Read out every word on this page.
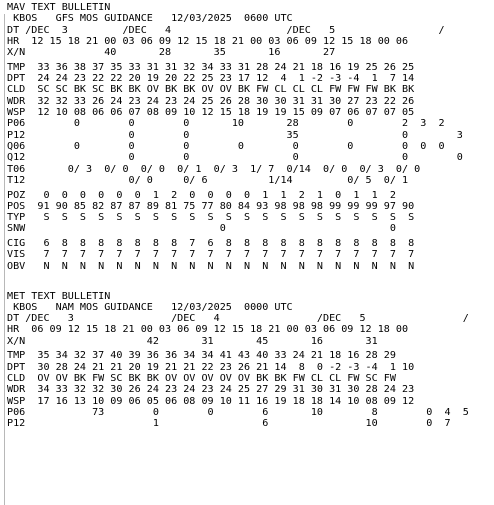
MAV TEXT BULLETIN
KBOS   GFS MOS GUIDANCE   12/03/2025  0600 UTC
DT /DEC  3         /DEC   4                   /DEC   5                 /
HR  12 15 18 21 00 03 06 09 12 15 18 21 00 03 06 09 12 15 18 00 06
X/N             40       28       35       16       27
TMP  33 36 38 37 35 33 31 31 32 34 33 31 28 24 21 18 16 19 25 26 25
DPT  24 24 23 22 22 20 19 20 22 25 23 17 12  4  1 -2 -3 -4  1  7 14
CLD  SC SC BK SC BK BK OV BK BK OV OV BK FW CL CL CL FW FW FW BK BK
WDR  32 32 33 26 24 23 24 23 24 25 26 28 30 30 31 31 30 27 23 22 26
WSP  12 10 08 06 06 07 08 09 10 12 15 18 19 19 15 09 07 06 07 07 05
P06        0        0        0       10       28        0        2  3  2
P12                 0        0                35                 0        3
Q06        0        0        0        0        0        0        0  0  0
Q12                 0        0                 0                 0        0
T06       0/ 3  0/ 0  0/ 0  0/ 1  0/ 3  1/ 7  0/14  0/ 0  0/ 3  0/ 0
T12                 0/ 0     0/ 6          1/14         0/ 5  0/ 1
POZ   0  0  0  0  0  0  1  2  0  0  0  0  1  1  2  1  0  1  1  2
POS  91 90 85 82 87 87 89 81 75 77 80 84 93 98 98 98 99 99 99 97 90
TYP   S  S  S  S  S  S  S  S  S  S  S  S  S  S  S  S  S  S  S  S  S
SNW                                0                           0
CIG   6  8  8  8  8  8  8  8  7  6  8  8  8  8  8  8  8  8  8  8  8
VIS   7  7  7  7  7  7  7  7  7  7  7  7  7  7  7  7  7  7  7  7  7
OBV   N  N  N  N  N  N  N  N  N  N  N  N  N  N  N  N  N  N  N  N  N
MET TEXT BULLETIN
KBOS   NAM MOS GUIDANCE   12/03/2025  0000 UTC
DT /DEC   3                /DEC   4                /DEC   5                /
HR  06 09 12 15 18 21 00 03 06 09 12 15 18 21 00 03 06 09 12 18 00
X/N                    42       31       45       16       31
TMP  35 34 32 37 40 39 36 36 34 34 41 43 40 33 24 21 18 16 28 29
DPT  30 28 24 21 21 20 19 21 21 22 23 26 21 14  8  0 -2 -3 -4  1 10
CLD  OV OV BK FW SC BK BK OV OV OV OV OV BK BK FW CL CL FW SC FW
WDR  34 33 32 32 30 26 24 23 24 23 24 25 27 29 31 30 31 30 28 24 23
WSP  17 16 13 10 09 06 05 06 08 09 10 11 16 19 18 18 14 10 08 09 12
P06           73        0        0        6       10        8        0  4  5
P12                     1                 6                10        0  7
